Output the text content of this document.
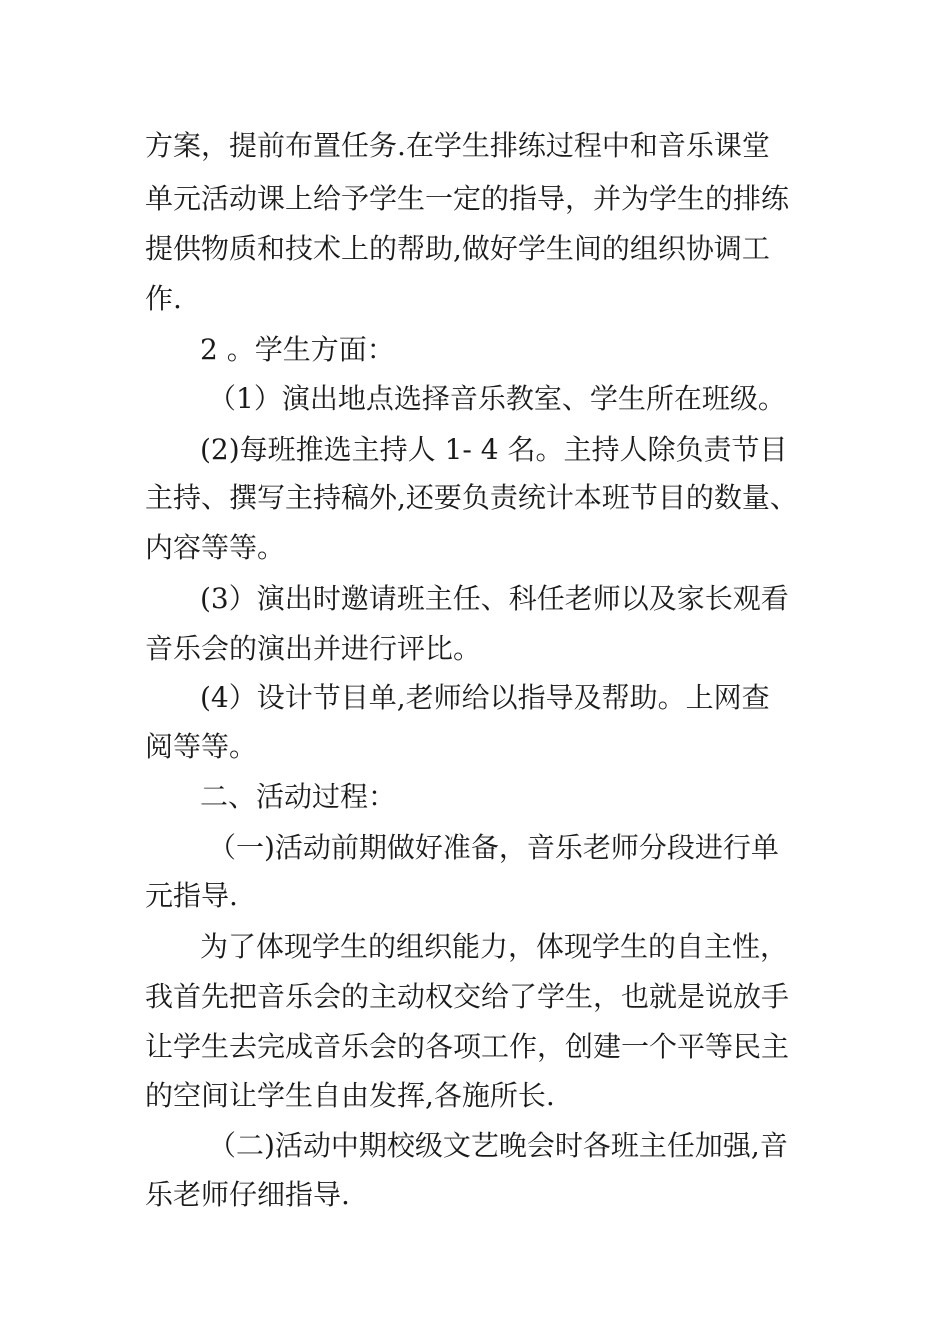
方案，提前布置任务.在学生排练过程中和音乐课堂
单元活动课上给予学生一定的指导，并为学生的排练
提供物质和技术上的帮助,做好学生间的组织协调工
作.
2 。学生方面：
（1）演出地点选择音乐教室、学生所在班级。
(2)每班推选主持人 1- 4 名。主持人除负责节目
主持、撰写主持稿外,还要负责统计本班节目的数量、
内容等等。
(3）演出时邀请班主任、科任老师以及家长观看
音乐会的演出并进行评比。
(4）设计节目单,老师给以指导及帮助。上网查
阅等等。
二、活动过程：
（一)活动前期做好准备，音乐老师分段进行单
元指导.
为了体现学生的组织能力，体现学生的自主性，
我首先把音乐会的主动权交给了学生，也就是说放手
让学生去完成音乐会的各项工作，创建一个平等民主
的空间让学生自由发挥,各施所长.
（二)活动中期校级文艺晚会时各班主任加强,音
乐老师仔细指导.
